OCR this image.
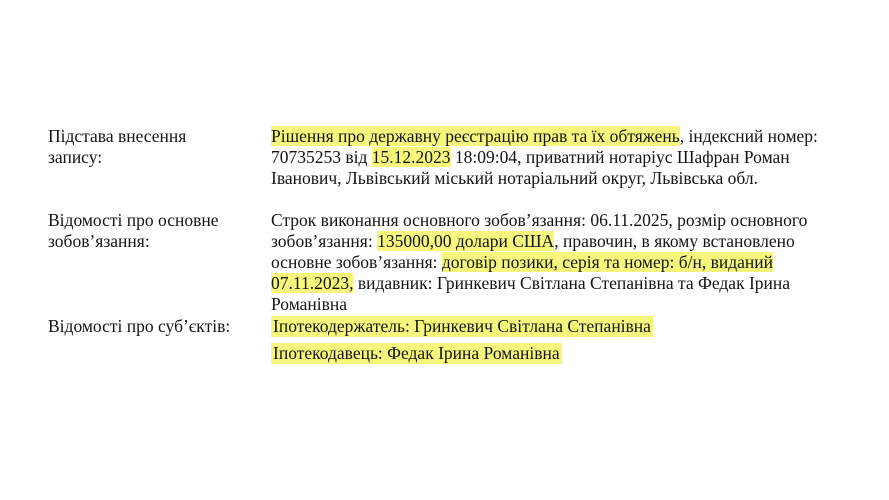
Підстава внесення
запису:
Рішення про державну реєстрацію прав та їх обтяжень, індексний номер: 70735253 від 15.12.2023 18:09:04, приватний нотаріус Шафран Роман Іванович, Львівський міський нотаріальний округ, Львівська обл.
Відомості про основне
зобов’язання:
Строк виконання основного зобов’язання: 06.11.2025, розмір основного зобов’язання: 135000,00 долари США, правочин, в якому встановлено основне зобов’язання: договір позики, серія та номер: б/н, виданий 07.11.2023, видавник: Гринкевич Світлана Степанівна та Федак Ірина Романівна
Відомості про суб’єктів:	Іпотекодержатель: Гринкевич Світлана Степанівна
Іпотекодавець: Федак Ірина Романівна
